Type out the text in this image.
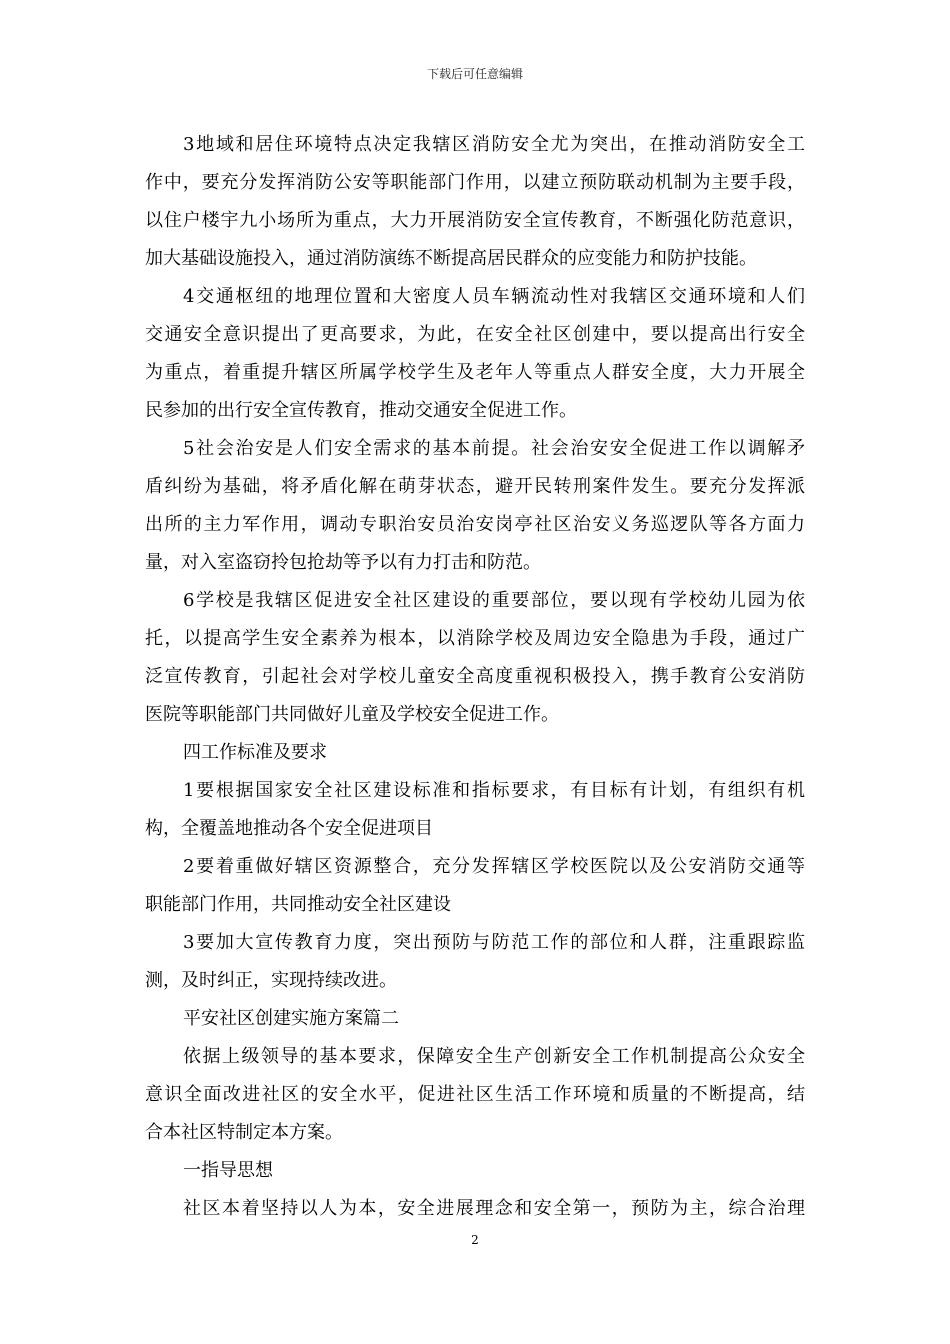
下载后可任意编辑
3地域和居住环境特点决定我辖区消防安全尤为突出，在推动消防安全工
作中，要充分发挥消防公安等职能部门作用，以建立预防联动机制为主要手段，
以住户楼宇九小场所为重点，大力开展消防安全宣传教育，不断强化防范意识，
加大基础设施投入，通过消防演练不断提高居民群众的应变能力和防护技能。
4交通枢纽的地理位置和大密度人员车辆流动性对我辖区交通环境和人们
交通安全意识提出了更高要求，为此，在安全社区创建中，要以提高出行安全
为重点，着重提升辖区所属学校学生及老年人等重点人群安全度，大力开展全
民参加的出行安全宣传教育，推动交通安全促进工作。
5社会治安是人们安全需求的基本前提。社会治安安全促进工作以调解矛
盾纠纷为基础，将矛盾化解在萌芽状态，避开民转刑案件发生。要充分发挥派
出所的主力军作用，调动专职治安员治安岗亭社区治安义务巡逻队等各方面力
量，对入室盗窃拎包抢劫等予以有力打击和防范。
6学校是我辖区促进安全社区建设的重要部位，要以现有学校幼儿园为依
托，以提高学生安全素养为根本，以消除学校及周边安全隐患为手段，通过广
泛宣传教育，引起社会对学校儿童安全高度重视积极投入，携手教育公安消防
医院等职能部门共同做好儿童及学校安全促进工作。
四工作标准及要求
1要根据国家安全社区建设标准和指标要求，有目标有计划，有组织有机
构，全覆盖地推动各个安全促进项目
2要着重做好辖区资源整合，充分发挥辖区学校医院以及公安消防交通等
职能部门作用，共同推动安全社区建设
3要加大宣传教育力度，突出预防与防范工作的部位和人群，注重跟踪监
测，及时纠正，实现持续改进。
平安社区创建实施方案篇二
依据上级领导的基本要求，保障安全生产创新安全工作机制提高公众安全
意识全面改进社区的安全水平，促进社区生活工作环境和质量的不断提高，结
合本社区特制定本方案。
一指导思想
社区本着坚持以人为本，安全进展理念和安全第一，预防为主，综合治理
2
